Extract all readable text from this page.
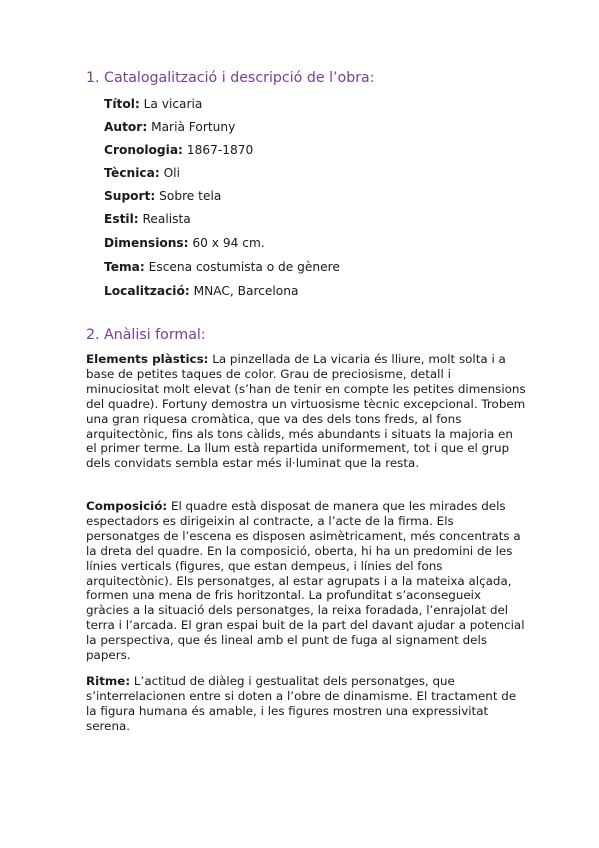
1. Catalogalització i descripció de l’obra:
Títol: La vicaria
Autor: Marià Fortuny
Cronologia: 1867-1870
Tècnica: Oli
Suport: Sobre tela
Estil: Realista
Dimensions: 60 x 94 cm.
Tema: Escena costumista o de gènere
Localització: MNAC, Barcelona
2. Anàlisi formal:

Elements plàstics: La pinzellada de La vicaria és lliure, molt solta i a base de petites taques de color. Grau de preciosisme, detall i minuciositat molt elevat (s’han de tenir en compte les petites dimensions del quadre). Fortuny demostra un virtuosisme tècnic excepcional. Trobem una gran riquesa cromàtica, que va des dels tons freds, al fons arquitectònic, fins als tons càlids, més abundants i situats la majoria en el primer terme. La llum està repartida uniformement, tot i que el grup dels convidats sembla estar més il·luminat que la resta.

Composició: El quadre està disposat de manera que les mirades dels espectadors es dirigeixin al contracte, a l’acte de la firma. Els personatges de l’escena es disposen asimètricament, més concentrats a la dreta del quadre. En la composició, oberta, hi ha un predomini de les línies verticals (figures, que estan dempeus, i línies del fons arquitectònic). Els personatges, al estar agrupats i a la mateixa alçada, formen una mena de fris horitzontal. La profunditat s’aconsegueix gràcies a la situació dels personatges, la reixa foradada, l’enrajolat del terra i l’arcada. El gran espai buit de la part del davant ajudar a potencial la perspectiva, que és lineal amb el punt de fuga al signament dels papers.

Ritme: L’actitud de diàleg i gestualitat dels personatges, que s’interrelacionen entre si doten a l’obre de dinamisme. El tractament de la figura humana és amable, i les figures mostren una expressivitat serena.
